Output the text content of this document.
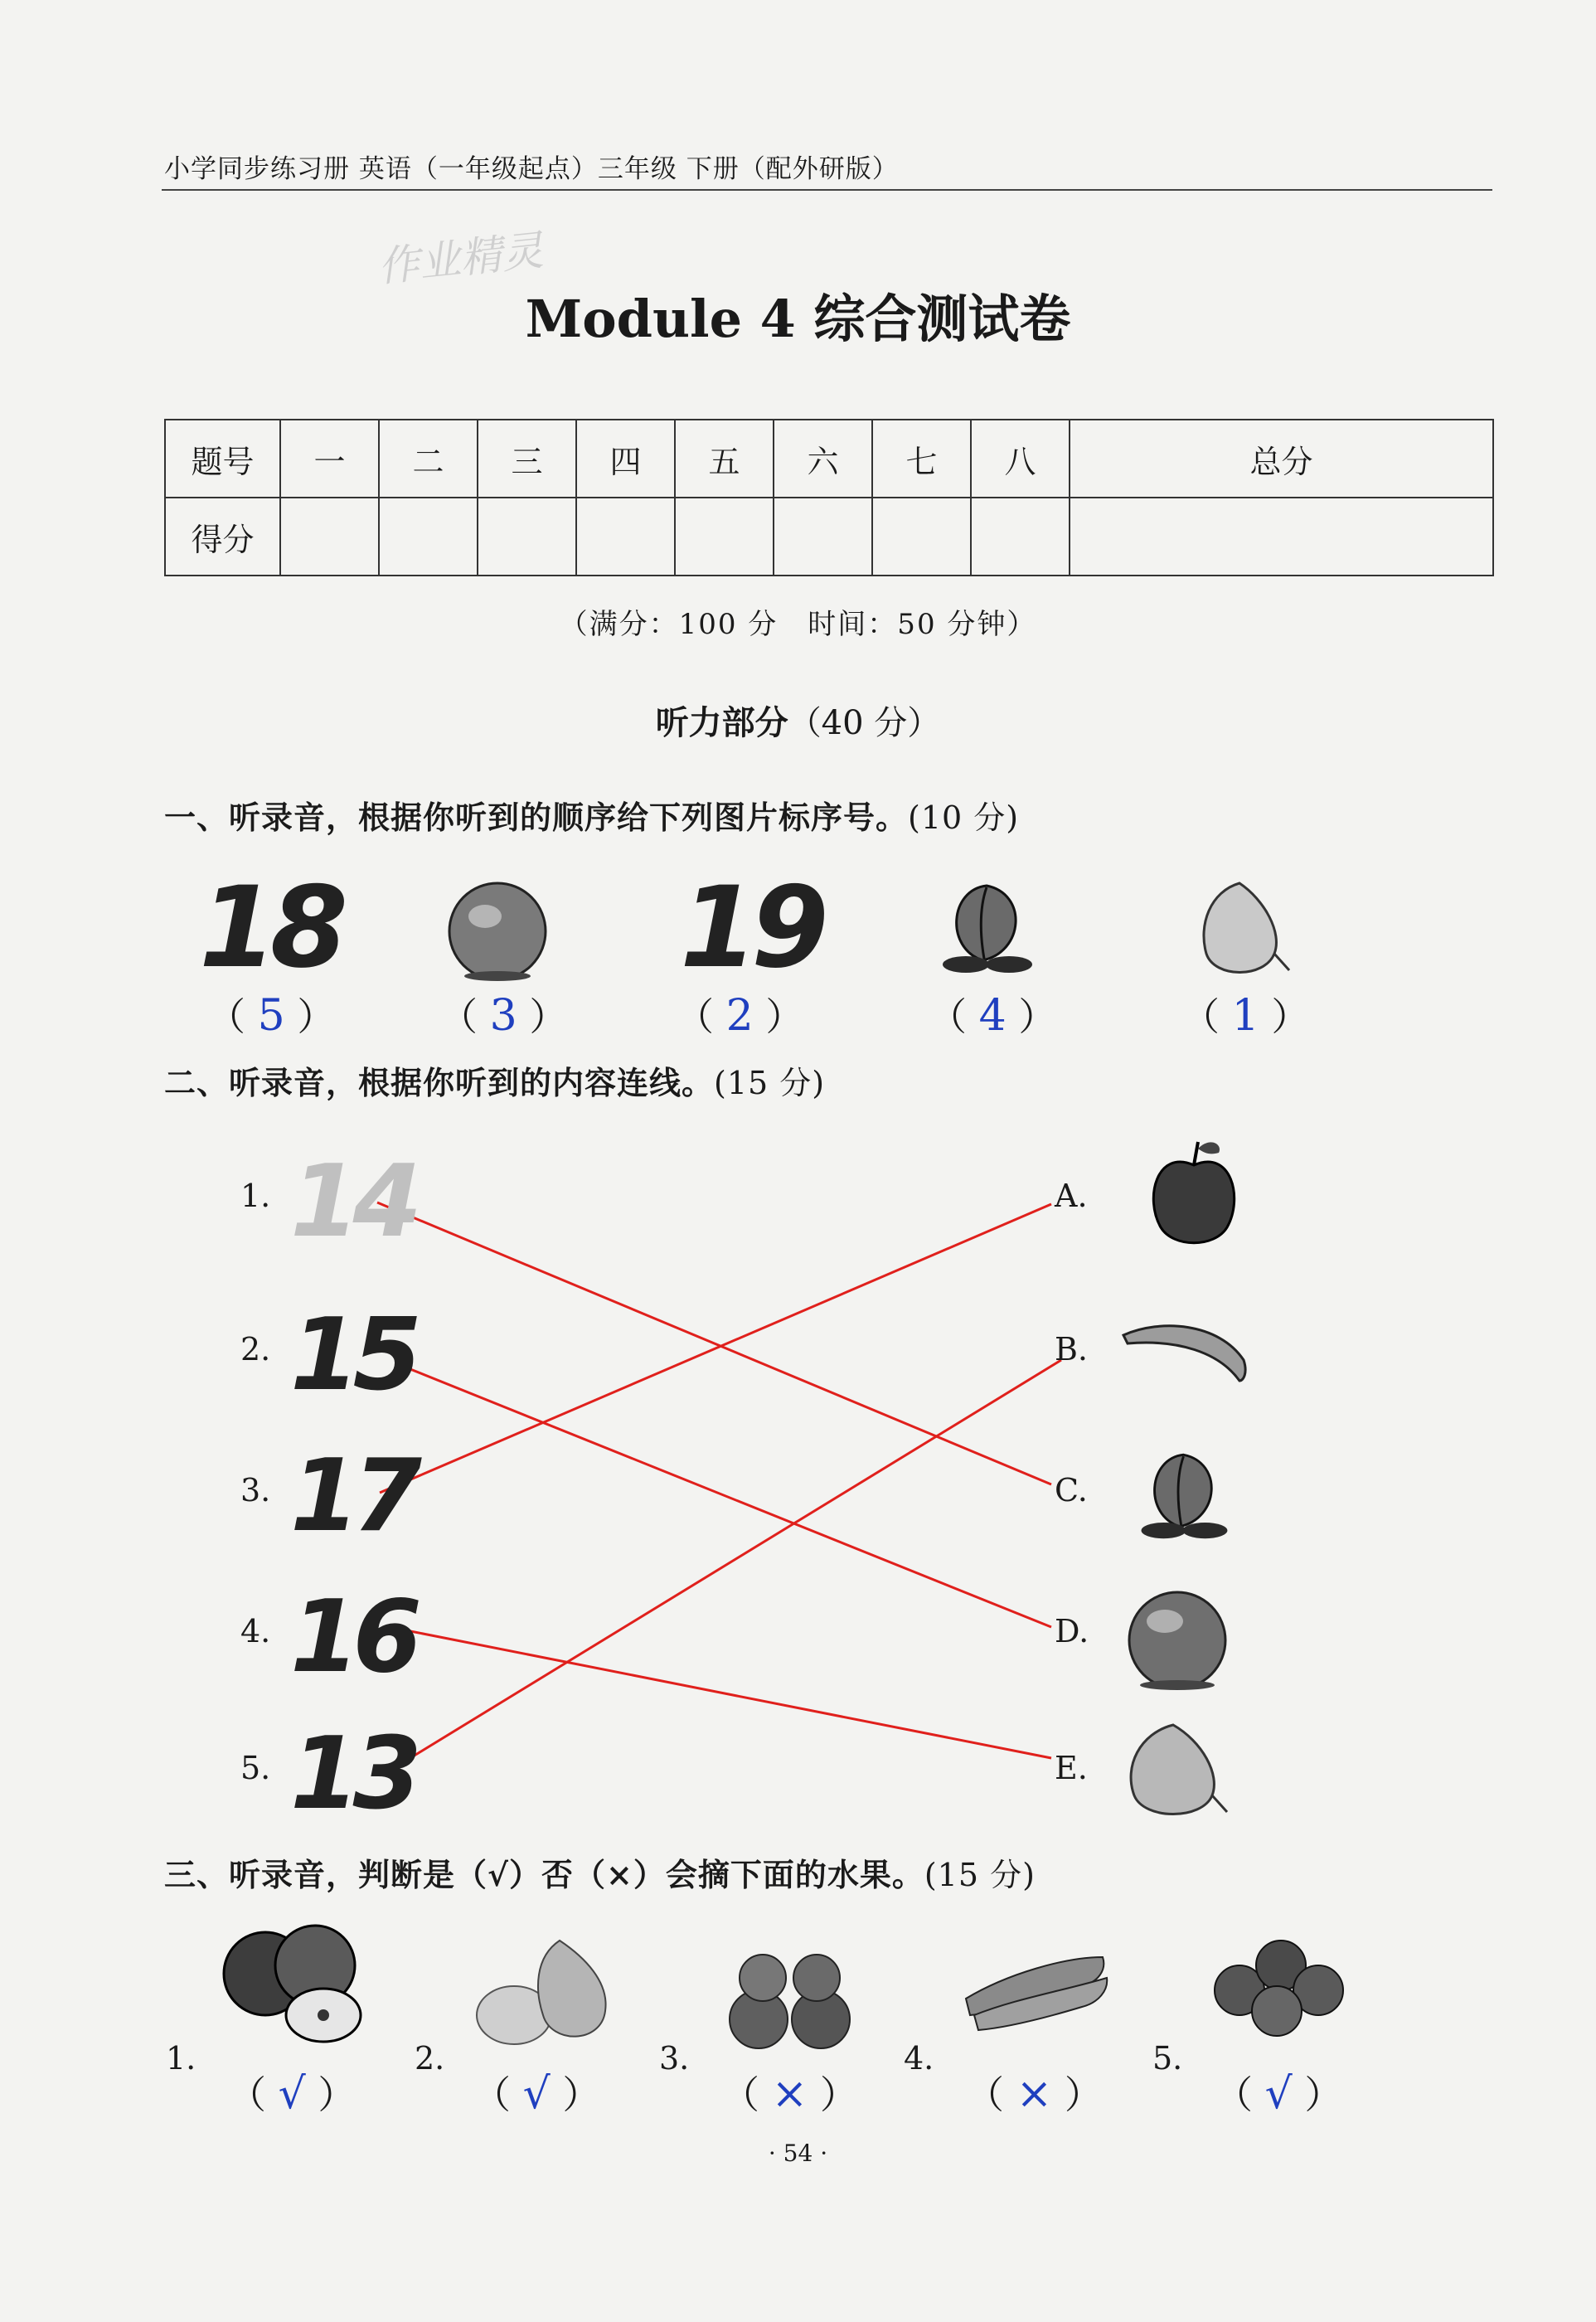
小学同步练习册 英语（一年级起点）三年级 下册（配外研版）
作业精灵
Module 4 综合测试卷
题号	一	二	三	四	五	六	七	八	总分
得分									
（满分：100 分　时间：50 分钟）
听力部分（40 分）
一、听录音，根据你听到的顺序给下列图片标序号。(10 分)
18	19
（ 5 ）	（ 3 ）	（ 2 ）	（ 4 ）	（ 1 ）
二、听录音，根据你听到的内容连线。(15 分)
1. 14
2. 15
3. 17
4. 16
5. 13
A.
B.
C.
D.
E.
三、听录音，判断是（√）否（×）会摘下面的水果。(15 分)
1.
（ √ ）
2.
（ √ ）
3.
（ × ）
4.
（ × ）
5.
（ √ ）
· 54 ·
